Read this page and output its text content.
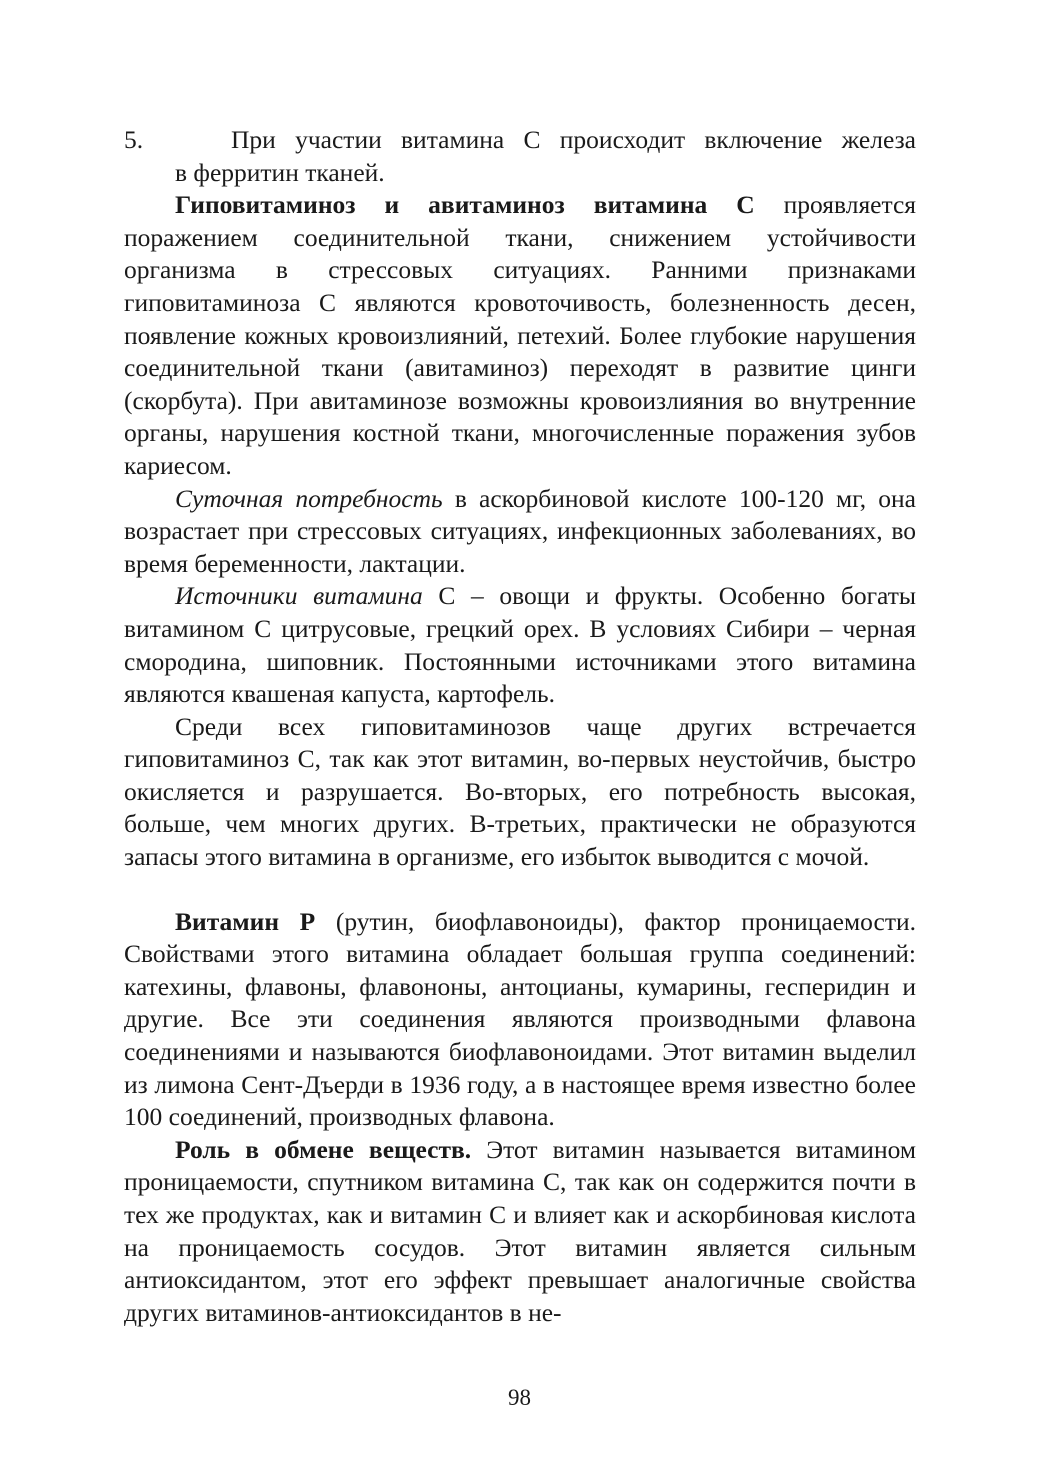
5.	При участии витамина С происходит включение железа
в ферритин тканей.

Гиповитаминоз и авитаминоз витамина С проявляется поражением соединительной ткани, снижением устойчивости организма в стрессовых ситуациях. Ранними признаками гиповитаминоза С являются кровоточивость, болезненность десен, появление кожных кровоизлияний, петехий. Более глубокие нарушения соединительной ткани (авитаминоз) переходят в развитие цинги (скорбута). При авитаминозе возможны кровоизлияния во внутренние органы, нарушения костной ткани, многочисленные поражения зубов кариесом.

Суточная потребность в аскорбиновой кислоте 100-120 мг, она возрастает при стрессовых ситуациях, инфекционных заболеваниях, во время беременности, лактации.

Источники витамина С – овощи и фрукты. Особенно богаты витамином С цитрусовые, грецкий орех. В условиях Сибири – черная смородина, шиповник. Постоянными источниками этого витамина являются квашеная капуста, картофель.

Среди всех гиповитаминозов чаще других встречается гиповитаминоз С, так как этот витамин, во-первых неустойчив, быстро окисляется и разрушается. Во-вторых, его потребность высокая, больше, чем многих других. В-третьих, практически не образуются запасы этого витамина в организме, его избыток выводится с мочой.

Витамин Р (рутин, биофлавоноиды), фактор проницаемости. Свойствами этого витамина обладает большая группа соединений: катехины, флавоны, флавононы, антоцианы, кумарины, гесперидин и другие. Все эти соединения являются производными флавона соединениями и называются биофлавоноидами. Этот витамин выделил из лимона Сент-Дъерди в 1936 году, а в настоящее время известно более 100 соединений, производных флавона.

Роль в обмене веществ. Этот витамин называется витамином проницаемости, спутником витамина С, так как он содержится почти в тех же продуктах, как и витамин С и влияет как и аскорбиновая кислота на проницаемость сосудов. Этот витамин является сильным антиоксидантом, этот его эффект превышает аналогичные свойства других витаминов-антиоксидантов в не-

98
